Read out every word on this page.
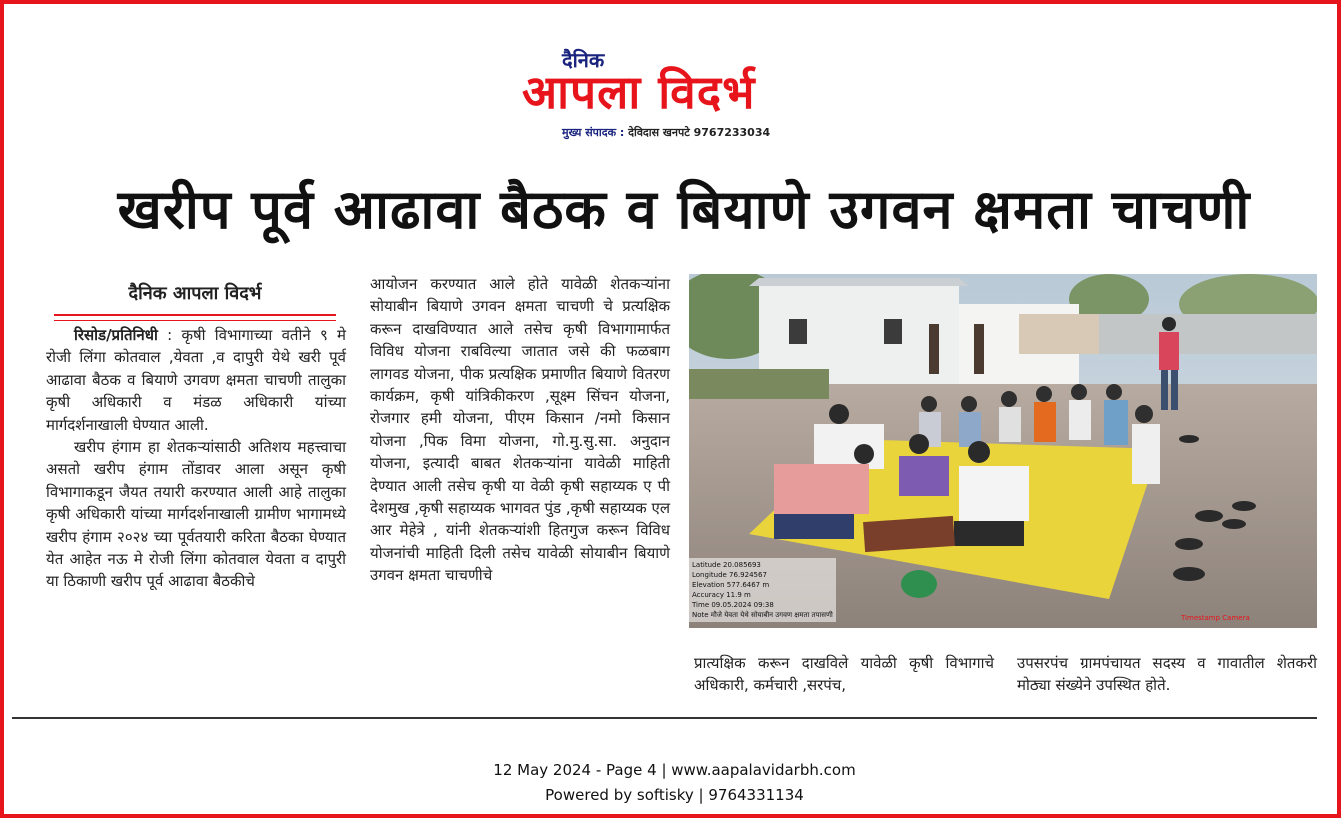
दैनिक
आपला विदर्भ
मुख्य संपादक : देविदास खनपटे 9767233034
खरीप पूर्व आढावा बैठक व बियाणे उगवन क्षमता चाचणी
दैनिक आपला विदर्भ

रिसोड/प्रतिनिधी : कृषी विभागाच्या वतीने ९ मे रोजी लिंगा कोतवाल ,येवता ,व दापुरी येथे खरी पूर्व आढावा बैठक व बियाणे उगवण क्षमता चाचणी तालुका कृषी अधिकारी व मंडळ अधिकारी यांच्या मार्गदर्शनाखाली घेण्यात आली.

खरीप हंगाम हा शेतकऱ्यांसाठी अतिशय महत्त्वाचा असतो खरीप हंगाम तोंडावर आला असून कृषी विभागाकडून जैयत तयारी करण्यात आली आहे तालुका कृषी अधिकारी यांच्या मार्गदर्शनाखाली ग्रामीण भागामध्ये खरीप हंगाम २०२४ च्या पूर्वतयारी करिता बैठका घेण्यात येत आहेत नऊ मे रोजी लिंगा कोतवाल येवता व दापुरी या ठिकाणी खरीप पूर्व आढावा बैठकीचे

आयोजन करण्यात आले होते यावेळी शेतकऱ्यांना सोयाबीन बियाणे उगवन क्षमता चाचणी चे प्रत्यक्षिक करून दाखविण्यात आले तसेच कृषी विभागामार्फत विविध योजना राबविल्या जातात जसे की फळबाग लागवड योजना, पीक प्रत्यक्षिक प्रमाणीत बियाणे वितरण कार्यक्रम, कृषी यांत्रिकीकरण ,सूक्ष्म सिंचन योजना, रोजगार हमी योजना, पीएम किसान /नमो किसान योजना ,पिक विमा योजना, गो.मु.सु.सा. अनुदान योजना, इत्यादी बाबत शेतकऱ्यांना यावेळी माहिती देण्यात आली तसेच कृषी या वेळी कृषी सहाय्यक ए पी देशमुख ,कृषी सहाय्यक भागवत पुंड ,कृषी सहाय्यक एल आर मेहेत्रे , यांनी शेतकऱ्यांशी हितगुज करून विविध योजनांची माहिती दिली तसेच यावेळी सोयाबीन बियाणे उगवन क्षमता चाचणीचे

Timestamp Camera
Latitude 20.085693
Longitude 76.924567
Elevation 577.6467 m
Accuracy 11.9 m
Time 09.05.2024 09:38
Note मौजे येवता येथे सोयाबीन उगवण क्षमता तपासणी

प्रात्यक्षिक करून दाखविले यावेळी कृषी विभागाचे अधिकारी, कर्मचारी ,सरपंच,

उपसरपंच ग्रामपंचायत सदस्य व गावातील शेतकरी मोठ्या संख्येने उपस्थित होते.

12 May 2024 - Page 4 | www.aapalavidarbh.com
Powered by softisky | 9764331134
